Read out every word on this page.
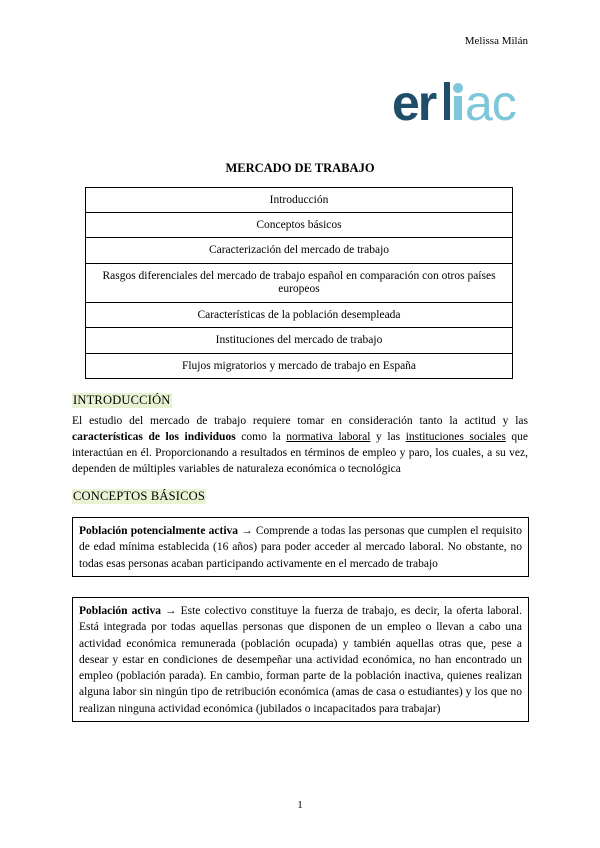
Melissa Milán
er ac
MERCADO DE TRABAJO
Introducción
Conceptos básicos
Caracterización del mercado de trabajo
Rasgos diferenciales del mercado de trabajo español en comparación con otros países europeos
Características de la población desempleada
Instituciones del mercado de trabajo
Flujos migratorios y mercado de trabajo en España
INTRODUCCIÓN
El estudio del mercado de trabajo requiere tomar en consideración tanto la actitud y las características de los individuos como la normativa laboral y las instituciones sociales que interactúan en él. Proporcionando a resultados en términos de empleo y paro, los cuales, a su vez, dependen de múltiples variables de naturaleza económica o tecnológica
CONCEPTOS BÁSICOS
Población potencialmente activa → Comprende a todas las personas que cumplen el requisito de edad mínima establecida (16 años) para poder acceder al mercado laboral. No obstante, no todas esas personas acaban participando activamente en el mercado de trabajo
Población activa → Este colectivo constituye la fuerza de trabajo, es decir, la oferta laboral. Está integrada por todas aquellas personas que disponen de un empleo o llevan a cabo una actividad económica remunerada (población ocupada) y también aquellas otras que, pese a desear y estar en condiciones de desempeñar una actividad económica, no han encontrado un empleo (población parada). En cambio, forman parte de la población inactiva, quienes realizan alguna labor sin ningún tipo de retribución económica (amas de casa o estudiantes) y los que no realizan ninguna actividad económica (jubilados o incapacitados para trabajar)
1
